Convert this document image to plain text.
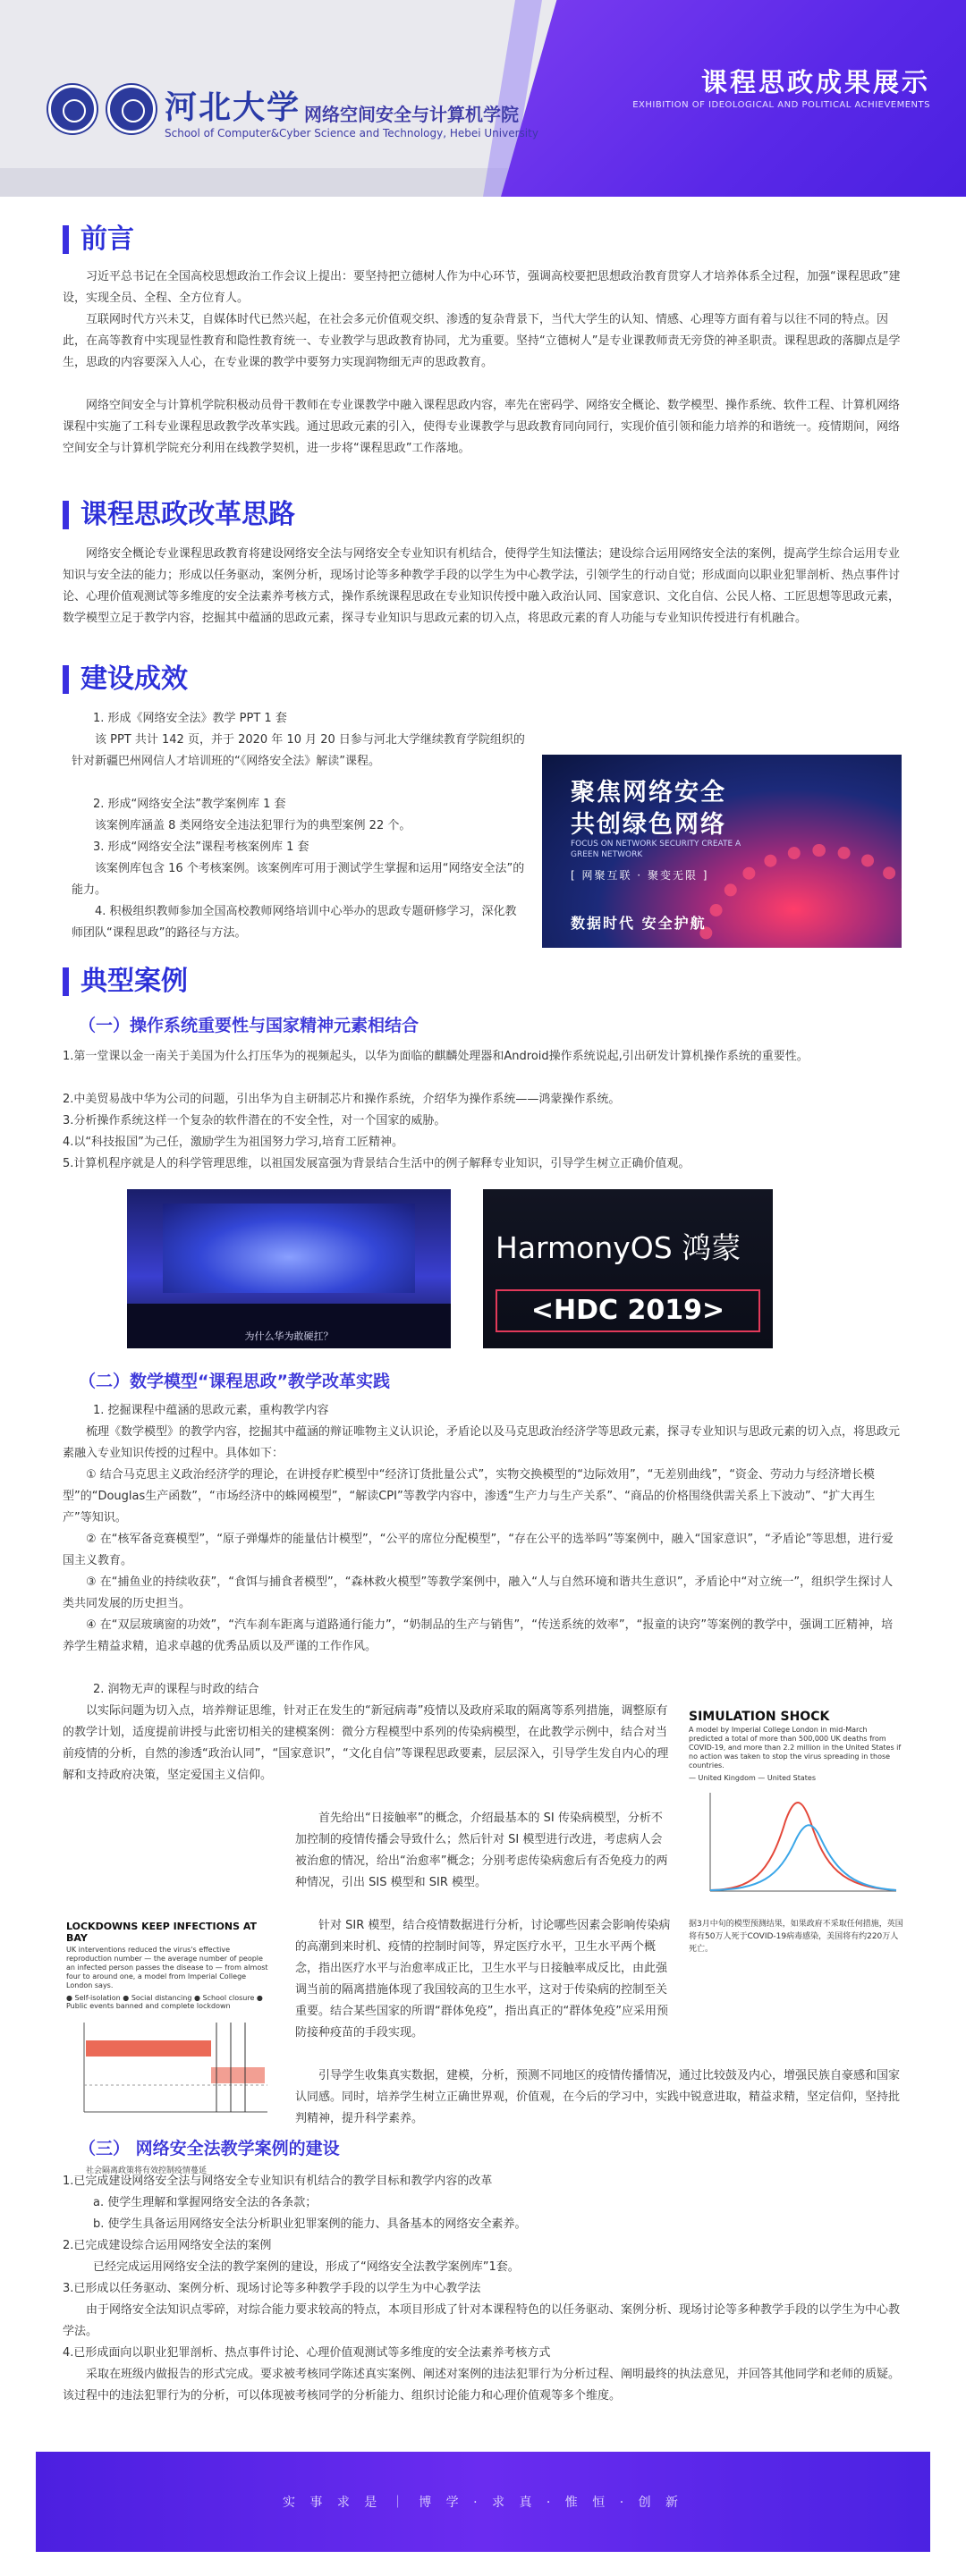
河北大学 网络空间安全与计算机学院
School of Computer&Cyber Science and Technology, Hebei University
课程思政成果展示
EXHIBITION OF IDEOLOGICAL AND POLITICAL ACHIEVEMENTS
前言
习近平总书记在全国高校思想政治工作会议上提出：要坚持把立德树人作为中心环节，强调高校要把思想政治教育贯穿人才培养体系全过程，加强“课程思政”建设，实现全员、全程、全方位育人。
互联网时代方兴未艾，自媒体时代已然兴起，在社会多元价值观交织、渗透的复杂背景下，当代大学生的认知、情感、心理等方面有着与以往不同的特点。因此，在高等教育中实现显性教育和隐性教育统一、专业教学与思政教育协同，尤为重要。坚持“立德树人”是专业课教师责无旁贷的神圣职责。课程思政的落脚点是学生，思政的内容要深入人心，在专业课的教学中要努力实现润物细无声的思政教育。
网络空间安全与计算机学院积极动员骨干教师在专业课教学中融入课程思政内容，率先在密码学、网络安全概论、数学模型、操作系统、软件工程、计算机网络课程中实施了工科专业课程思政教学改革实践。通过思政元素的引入，使得专业课教学与思政教育同向同行，实现价值引领和能力培养的和谐统一。疫情期间，网络空间安全与计算机学院充分利用在线教学契机，进一步将“课程思政”工作落地。
课程思政改革思路
网络安全概论专业课程思政教育将建设网络安全法与网络安全专业知识有机结合，使得学生知法懂法；建设综合运用网络安全法的案例，提高学生综合运用专业知识与安全法的能力；形成以任务驱动，案例分析，现场讨论等多种教学手段的以学生为中心教学法，引领学生的行动自觉；形成面向以职业犯罪剖析、热点事件讨论、心理价值观测试等多维度的安全法素养考核方式，操作系统课程思政在专业知识传授中融入政治认同、国家意识、文化自信、公民人格、工匠思想等思政元素，数学模型立足于教学内容，挖掘其中蕴涵的思政元素，探寻专业知识与思政元素的切入点，将思政元素的育人功能与专业知识传授进行有机融合。
建设成效
1. 形成《网络安全法》教学 PPT 1 套
该 PPT 共计 142 页，并于 2020 年 10 月 20 日参与河北大学继续教育学院组织的针对新疆巴州网信人才培训班的“《网络安全法》解读”课程。
2. 形成“网络安全法”教学案例库 1 套
该案例库涵盖 8 类网络安全违法犯罪行为的典型案例 22 个。
3. 形成“网络安全法”课程考核案例库 1 套
该案例库包含 16 个考核案例。该案例库可用于测试学生掌握和运用“网络安全法”的能力。
4. 积极组织教师参加全国高校教师网络培训中心举办的思政专题研修学习，深化教师团队“课程思政”的路径与方法。
聚焦网络安全
共创绿色网络
FOCUS ON NETWORK SECURITY CREATE A GREEN NETWORK
[ 网聚互联 · 聚变无限 ]
数据时代 安全护航
典型案例
（一）操作系统重要性与国家精神元素相结合
1.第一堂课以金一南关于美国为什么打压华为的视频起头，以华为面临的麒麟处理器和Android操作系统说起,引出研发计算机操作系统的重要性。
2.中美贸易战中华为公司的问题，引出华为自主研制芯片和操作系统，介绍华为操作系统——鸿蒙操作系统。
3.分析操作系统这样一个复杂的软件潜在的不安全性，对一个国家的威胁。
4.以“科技报国”为己任，激励学生为祖国努力学习,培育工匠精神。
5.计算机程序就是人的科学管理思维，以祖国发展富强为背景结合生活中的例子解释专业知识，引导学生树立正确价值观。
为什么华为敢硬扛？
HarmonyOS 鸿蒙
<HDC 2019>
（二）数学模型“课程思政”教学改革实践
1. 挖掘课程中蕴涵的思政元素，重构教学内容
梳理《数学模型》的教学内容，挖掘其中蕴涵的辩证唯物主义认识论，矛盾论以及马克思政治经济学等思政元素，探寻专业知识与思政元素的切入点，将思政元素融入专业知识传授的过程中。具体如下：
① 结合马克思主义政治经济学的理论，在讲授存贮模型中“经济订货批量公式”，实物交换模型的“边际效用”，“无差别曲线”，“资金、劳动力与经济增长模型”的“Douglas生产函数”，“市场经济中的蛛网模型”，“解读CPI”等教学内容中，渗透“生产力与生产关系”、“商品的价格围绕供需关系上下波动”、“扩大再生产”等知识。
② 在“核军备竞赛模型”，“原子弹爆炸的能量估计模型”，“公平的席位分配模型”，“存在公平的选举吗”等案例中，融入“国家意识”，“矛盾论”等思想，进行爱国主义教育。
③ 在“捕鱼业的持续收获”，“食饵与捕食者模型”，“森林救火模型”等教学案例中，融入“人与自然环境和谐共生意识”，矛盾论中“对立统一”，组织学生探讨人类共同发展的历史担当。
④ 在“双层玻璃窗的功效”，“汽车刹车距离与道路通行能力”，“奶制品的生产与销售”，“传送系统的效率”，“报童的诀窍”等案例的教学中，强调工匠精神，培养学生精益求精，追求卓越的优秀品质以及严谨的工作作风。
2. 润物无声的课程与时政的结合
以实际问题为切入点，培养辩证思维，针对正在发生的“新冠病毒”疫情以及政府采取的隔离等系列措施，调整原有的教学计划，适度提前讲授与此密切相关的建模案例：微分方程模型中系列的传染病模型，在此教学示例中，结合对当前疫情的分析，自然的渗透“政治认同”，“国家意识”，“文化自信”等课程思政要素，层层深入，引导学生发自内心的理解和支持政府决策，坚定爱国主义信仰。
首先给出“日接触率”的概念，介绍最基本的 SI 传染病模型，分析不加控制的疫情传播会导致什么；然后针对 SI 模型进行改进，考虑病人会被治愈的情况，给出“治愈率”概念；分别考虑传染病愈后有否免疫力的两种情况，引出 SIS 模型和 SIR 模型。
针对 SIR 模型，结合疫情数据进行分析，讨论哪些因素会影响传染病的高潮到来时机、疫情的控制时间等，界定医疗水平，卫生水平两个概念，指出医疗水平与治愈率成正比，卫生水平与日接触率成反比，由此强调当前的隔离措施体现了我国较高的卫生水平，这对于传染病的控制至关重要。结合某些国家的所谓“群体免疫”，指出真正的“群体免疫”应采用预防接种疫苗的手段实现。
引导学生收集真实数据，建模，分析，预测不同地区的疫情传播情况，通过比较鼓及内心，增强民族自豪感和国家认同感。同时，培养学生树立正确世界观，价值观，在今后的学习中，实践中锐意进取，精益求精，坚定信仰，坚持批判精神，提升科学素养。
LOCKDOWNS KEEP INFECTIONS AT BAY
UK interventions reduced the virus's effective reproduction number — the average number of people an infected person passes the disease to — from almost four to around one, a model from Imperial College London says.
● Self-isolation ● Social distancing ● School closure ● Public events banned and complete lockdown
社会隔离政策将有效控制疫情蔓延
SIMULATION SHOCK
A model by Imperial College London in mid-March predicted a total of more than 500,000 UK deaths from COVID-19, and more than 2.2 million in the United States if no action was taken to stop the virus spreading in those countries.
— United Kingdom — United States
据3月中旬的模型预测结果，如果政府不采取任何措施，英国将有50万人死于COVID-19病毒感染，美国将有约220万人死亡。
（三） 网络安全法教学案例的建设
1.已完成建设网络安全法与网络安全专业知识有机结合的教学目标和教学内容的改革
a. 使学生理解和掌握网络安全法的各条款；
b. 使学生具备运用网络安全法分析职业犯罪案例的能力、具备基本的网络安全素养。
2.已完成建设综合运用网络安全法的案例
已经完成运用网络安全法的教学案例的建设，形成了“网络安全法教学案例库”1套。
3.已形成以任务驱动、案例分析、现场讨论等多种教学手段的以学生为中心教学法
由于网络安全法知识点零碎，对综合能力要求较高的特点，本项目形成了针对本课程特色的以任务驱动、案例分析、现场讨论等多种教学手段的以学生为中心教学法。
4.已形成面向以职业犯罪剖析、热点事件讨论、心理价值观测试等多维度的安全法素养考核方式
采取在班级内做报告的形式完成。要求被考核同学陈述真实案例、阐述对案例的违法犯罪行为分析过程、阐明最终的执法意见，并回答其他同学和老师的质疑。该过程中的违法犯罪行为的分析，可以体现被考核同学的分析能力、组织讨论能力和心理价值观等多个维度。
实 事 求 是 ｜ 博 学 · 求 真 · 惟 恒 · 创 新
